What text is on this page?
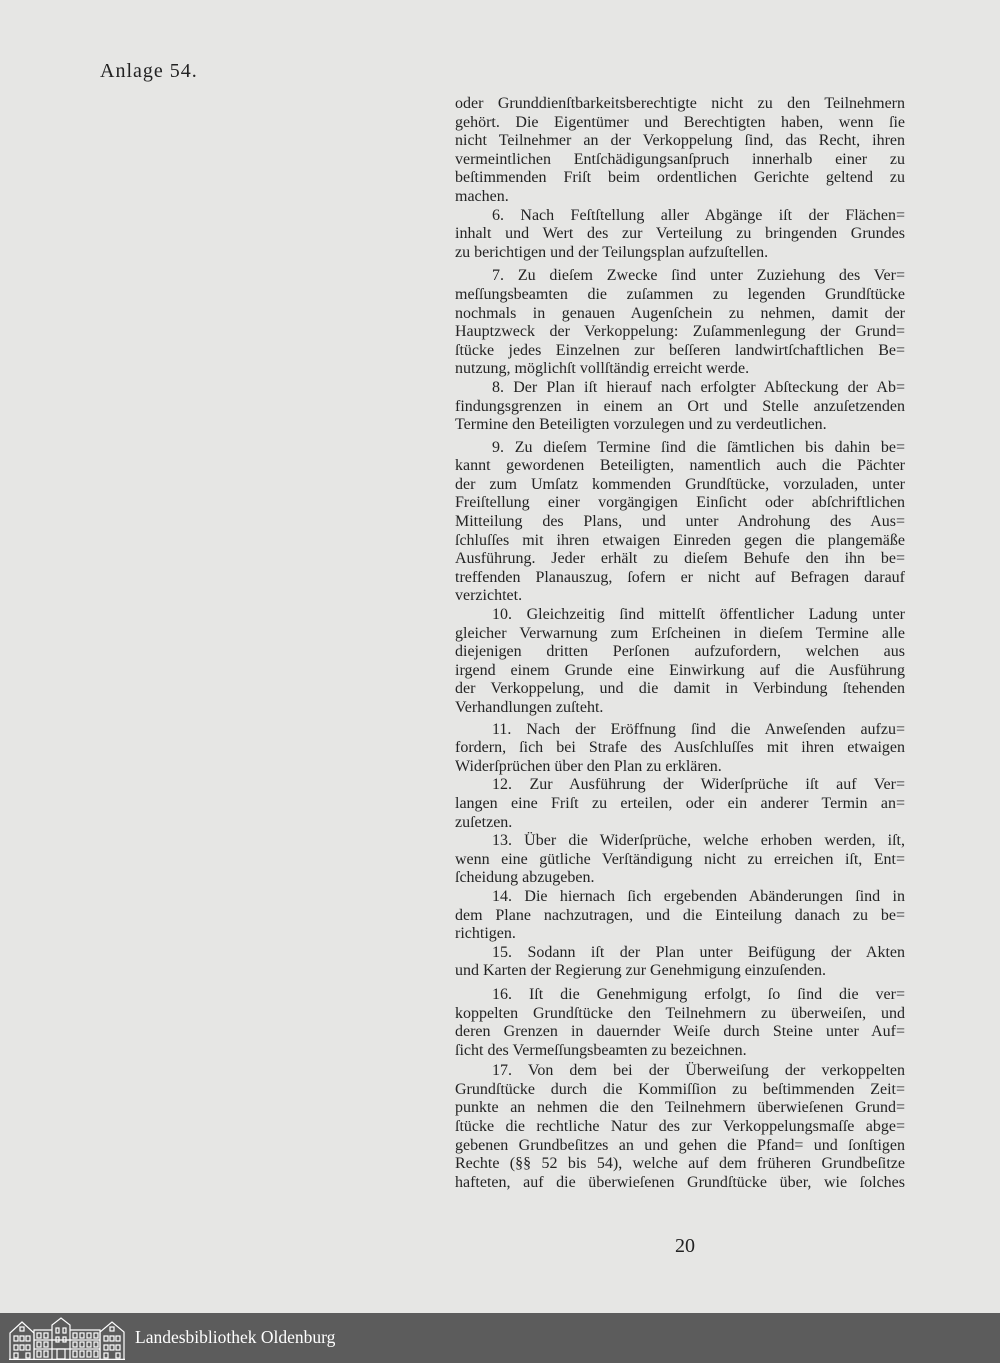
Anlage 54.
oder Grunddienſtbarkeitsberechtigte nicht zu den Teilnehmern
gehört. Die Eigentümer und Berechtigten haben, wenn ſie
nicht Teilnehmer an der Verkoppelung ſind, das Recht, ihren
vermeintlichen Entſchädigungsanſpruch innerhalb einer zu
beſtimmenden Friſt beim ordentlichen Gerichte geltend zu
machen.
6. Nach Feſtſtellung aller Abgänge iſt der Flächen=
inhalt und Wert des zur Verteilung zu bringenden Grundes
zu berichtigen und der Teilungsplan aufzuſtellen.
7. Zu dieſem Zwecke ſind unter Zuziehung des Ver=
meſſungsbeamten die zuſammen zu legenden Grundſtücke
nochmals in genauen Augenſchein zu nehmen, damit der
Hauptzweck der Verkoppelung: Zuſammenlegung der Grund=
ſtücke jedes Einzelnen zur beſſeren landwirtſchaftlichen Be=
nutzung, möglichſt vollſtändig erreicht werde.
8. Der Plan iſt hierauf nach erfolgter Abſteckung der Ab=
findungsgrenzen in einem an Ort und Stelle anzuſetzenden
Termine den Beteiligten vorzulegen und zu verdeutlichen.
9. Zu dieſem Termine ſind die ſämtlichen bis dahin be=
kannt gewordenen Beteiligten, namentlich auch die Pächter
der zum Umſatz kommenden Grundſtücke, vorzuladen, unter
Freiſtellung einer vorgängigen Einſicht oder abſchriftlichen
Mitteilung des Plans, und unter Androhung des Aus=
ſchluſſes mit ihren etwaigen Einreden gegen die plangemäße
Ausführung. Jeder erhält zu dieſem Behufe den ihn be=
treffenden Planauszug, ſofern er nicht auf Befragen darauf
verzichtet.
10. Gleichzeitig ſind mittelſt öffentlicher Ladung unter
gleicher Verwarnung zum Erſcheinen in dieſem Termine alle
diejenigen dritten Perſonen aufzufordern, welchen aus
irgend einem Grunde eine Einwirkung auf die Ausführung
der Verkoppelung, und die damit in Verbindung ſtehenden
Verhandlungen zuſteht.
11. Nach der Eröffnung ſind die Anweſenden aufzu=
fordern, ſich bei Strafe des Ausſchluſſes mit ihren etwaigen
Widerſprüchen über den Plan zu erklären.
12. Zur Ausführung der Widerſprüche iſt auf Ver=
langen eine Friſt zu erteilen, oder ein anderer Termin an=
zuſetzen.
13. Über die Widerſprüche, welche erhoben werden, iſt,
wenn eine gütliche Verſtändigung nicht zu erreichen iſt, Ent=
ſcheidung abzugeben.
14. Die hiernach ſich ergebenden Abänderungen ſind in
dem Plane nachzutragen, und die Einteilung danach zu be=
richtigen.
15. Sodann iſt der Plan unter Beifügung der Akten
und Karten der Regierung zur Genehmigung einzuſenden.
16. Iſt die Genehmigung erfolgt, ſo ſind die ver=
koppelten Grundſtücke den Teilnehmern zu überweiſen, und
deren Grenzen in dauernder Weiſe durch Steine unter Auf=
ſicht des Vermeſſungsbeamten zu bezeichnen.
17. Von dem bei der Überweiſung der verkoppelten
Grundſtücke durch die Kommiſſion zu beſtimmenden Zeit=
punkte an nehmen die den Teilnehmern überwieſenen Grund=
ſtücke die rechtliche Natur des zur Verkoppelungsmaſſe abge=
gebenen Grundbeſitzes an und gehen die Pfand= und ſonſtigen
Rechte (§§ 52 bis 54), welche auf dem früheren Grundbeſitze
hafteten, auf die überwieſenen Grundſtücke über, wie ſolches
20
Landesbibliothek Oldenburg
